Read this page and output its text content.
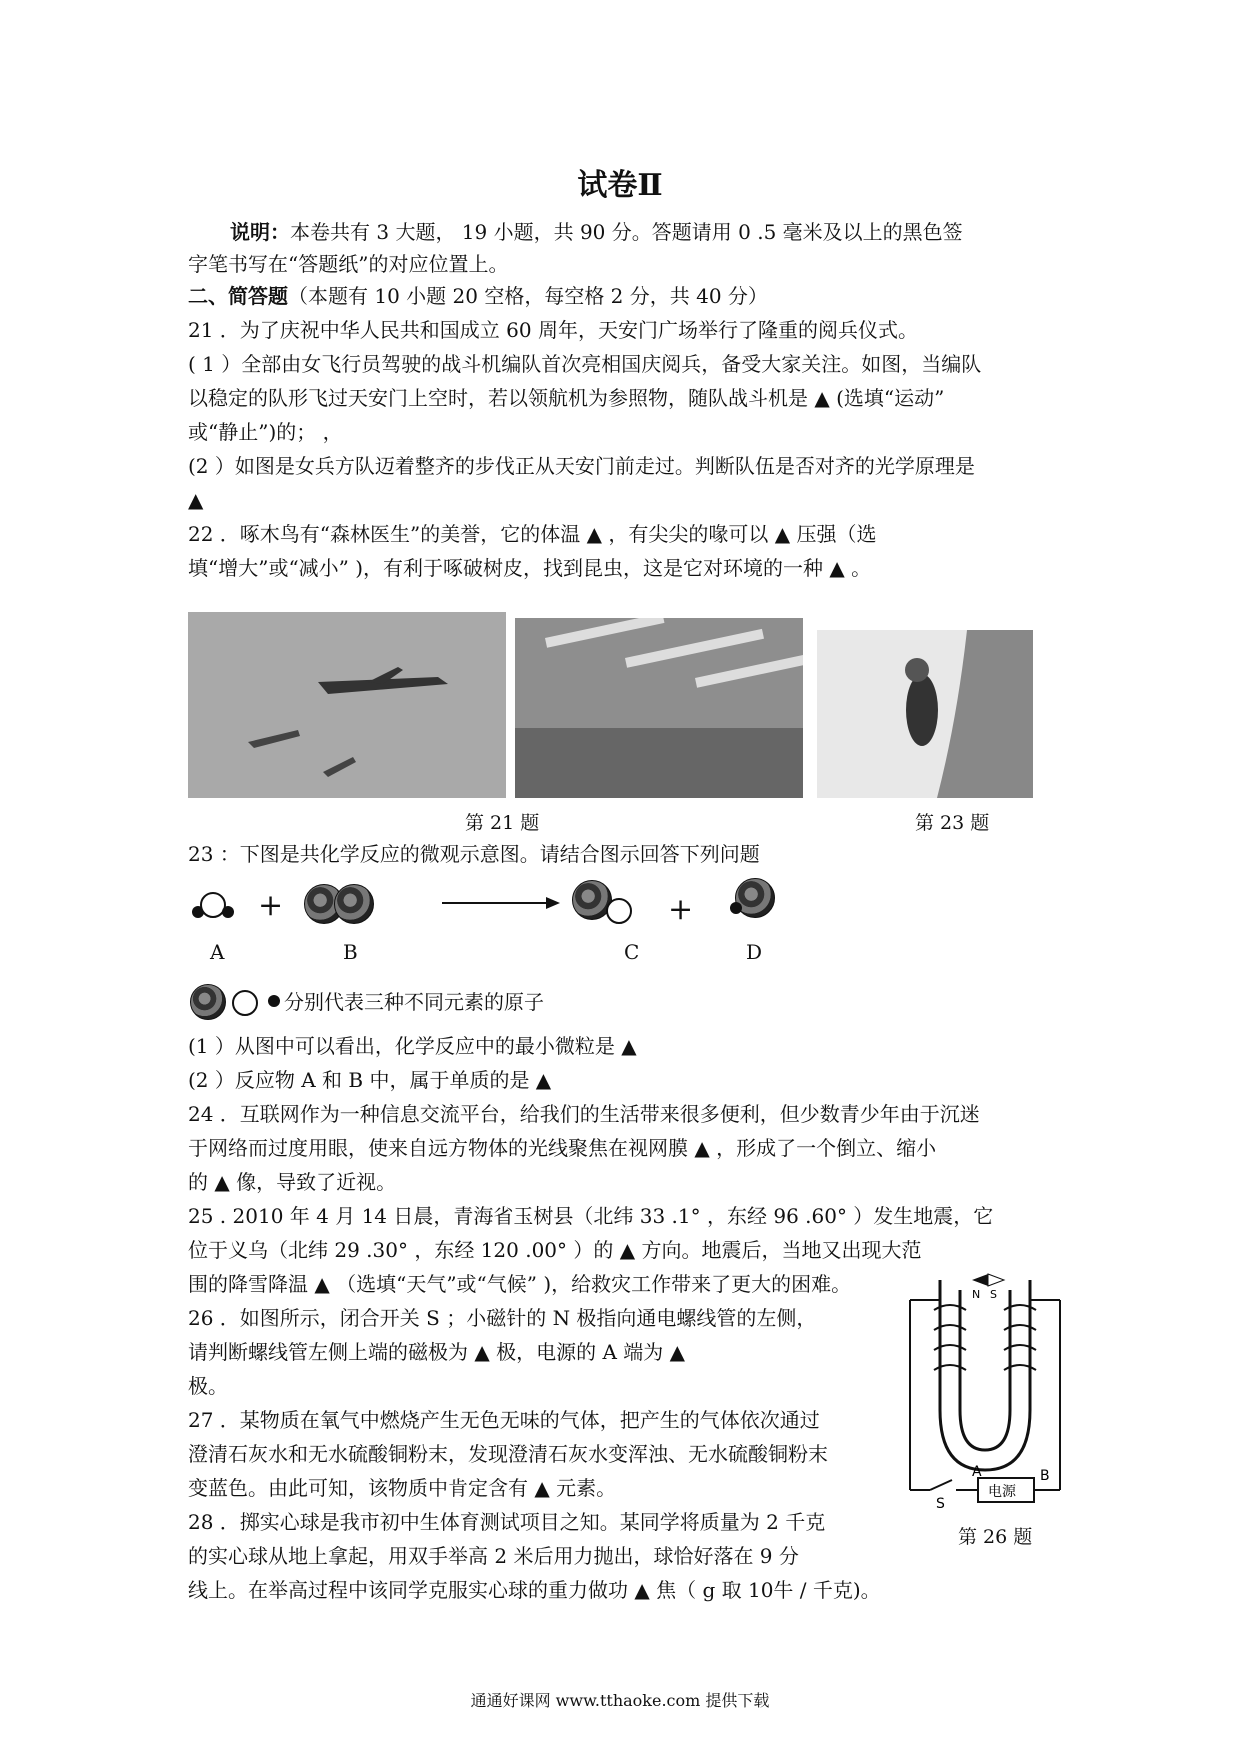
试卷Ⅱ
说明：本卷共有 3 大题， 19 小题，共 90 分。答题请用 0 .5 毫米及以上的黑色签
字笔书写在“答题纸”的对应位置上。
二、简答题（本题有 10 小题 20 空格，每空格 2 分，共 40 分）
21 ．为了庆祝中华人民共和国成立 60 周年，天安门广场举行了隆重的阅兵仪式。
( 1 ）全部由女飞行员驾驶的战斗机编队首次亮相国庆阅兵，备受大家关注。如图，当编队
以稳定的队形飞过天安门上空时，若以领航机为参照物，随队战斗机是 ▲ (选填“运动”
或“静止”)的； ，
(2 ）如图是女兵方队迈着整齐的步伐正从天安门前走过。判断队伍是否对齐的光学原理是
▲
22 ．啄木鸟有“森林医生”的美誉，它的体温 ▲ ，有尖尖的喙可以 ▲ 压强（选
填“增大”或“减小” )，有利于啄破树皮，找到昆虫，这是它对环境的一种 ▲ 。
第 21 题	第 23 题
23 ：下图是共化学反应的微观示意图。请结合图示回答下列问题
+	+
A	B	C	D
分别代表三种不同元素的原子
(1 ）从图中可以看出，化学反应中的最小微粒是 ▲
(2 ）反应物 A 和 B 中，属于单质的是 ▲
24 ．互联网作为一种信息交流平台，给我们的生活带来很多便利，但少数青少年由于沉迷
于网络而过度用眼，使来自远方物体的光线聚焦在视网膜 ▲ ，形成了一个倒立、缩小
的 ▲ 像，导致了近视。
25 . 2010 年 4 月 14 日晨，青海省玉树县（北纬 33 .1° ，东经 96 .60° ）发生地震，它
位于义乌（北纬 29 .30° ，东经 120 .00° ）的 ▲ 方向。地震后，当地又出现大范
围的降雪降温 ▲ （选填“天气”或“气候” )，给救灾工作带来了更大的困难。
26 ．如图所示，闭合开关 S ；小磁针的 N 极指向通电螺线管的左侧，
请判断螺线管左侧上端的磁极为 ▲ 极，电源的 A 端为 ▲
极。
27 ．某物质在氧气中燃烧产生无色无味的气体，把产生的气体依次通过
澄清石灰水和无水硫酸铜粉末，发现澄清石灰水变浑浊、无水硫酸铜粉末
变蓝色。由此可知，该物质中肯定含有 ▲ 元素。
28 ．掷实心球是我市初中生体育测试项目之知。某同学将质量为 2 千克
的实心球从地上拿起，用双手举高 2 米后用力抛出，球恰好落在 9 分
线上。在举高过程中该同学克服实心球的重力做功 ▲ 焦（ g 取 10牛 / 千克)。
N S
电源
A	B
S
第 26 题
通通好课网 www.tthaoke.com 提供下载
